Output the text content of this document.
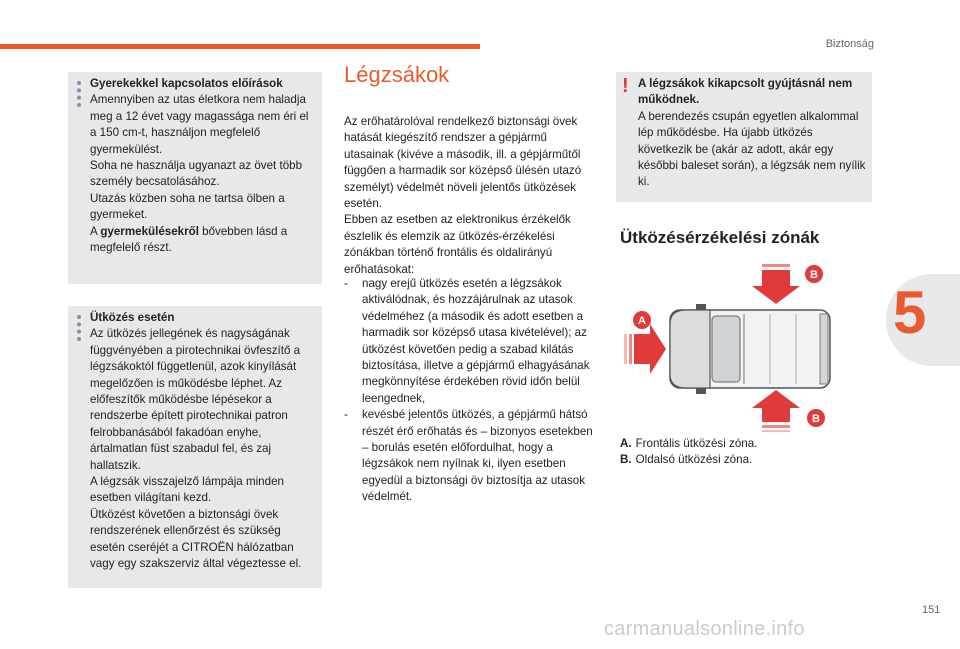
Biztonság
5

Gyerekekkel kapcsolatos előírások

Amennyiben az utas életkora nem haladja meg a 12 évet vagy magassága nem éri el a 150 cm-t, használjon megfelelő gyermekülést.

Soha ne használja ugyanazt az övet több személy becsatolásához.

Utazás közben soha ne tartsa ölben a gyermeket.

A gyermekülésekről bővebben lásd a megfelelő részt.

Ütközés esetén

Az ütközés jellegének és nagyságának függvényében a pirotechnikai övfeszítő a légzsákoktól függetlenül, azok kinyílását megelőzően is működésbe léphet. Az előfeszítők működésbe lépésekor a rendszerbe épített pirotechnikai patron felrobbanásából fakadóan enyhe, ártalmatlan füst szabadul fel, és zaj hallatszik.

A légzsák visszajelző lámpája minden esetben világítani kezd.

Ütközést követően a biztonsági övek rendszerének ellenőrzést és szükség esetén cseréjét a CITROËN hálózatban vagy egy szakszerviz által végeztesse el.

Légzsákok

Az erőhatárolóval rendelkező biztonsági övek hatását kiegészítő rendszer a gépjármű utasainak (kivéve a második, ill. a gépjárműtől függően a harmadik sor középső ülésén utazó személyt) védelmét növeli jelentős ütközések esetén.

Ebben az esetben az elektronikus érzékelők észlelik és elemzik az ütközés-érzékelési zónákban történő frontális és oldalirányú erőhatásokat:

- nagy erejű ütközés esetén a légzsákok aktiválódnak, és hozzájárulnak az utasok védelméhez (a második és adott esetben a harmadik sor középső utasa kivételével); az ütközést követően pedig a szabad kilátás biztosítása, illetve a gépjármű elhagyásának megkönnyítése érdekében rövid időn belül leengednek,
- kevésbé jelentős ütközés, a gépjármű hátsó részét érő erőhatás és – bizonyos esetekben – borulás esetén előfordulhat, hogy a légzsákok nem nyílnak ki, ilyen esetben egyedül a biztonsági öv biztosítja az utasok védelmét.
! A légzsákok kikapcsolt gyújtásnál nem működnek.

A berendezés csupán egyetlen alkalommal lép működésbe. Ha újabb ütközés következik be (akár az adott, akár egy későbbi baleset során), a légzsák nem nyílik ki.

Ütközésérzékelési zónák
B
B
A
A. Frontális ütközési zóna.
B. Oldalsó ütközési zóna.
151
carmanualsonline.info
